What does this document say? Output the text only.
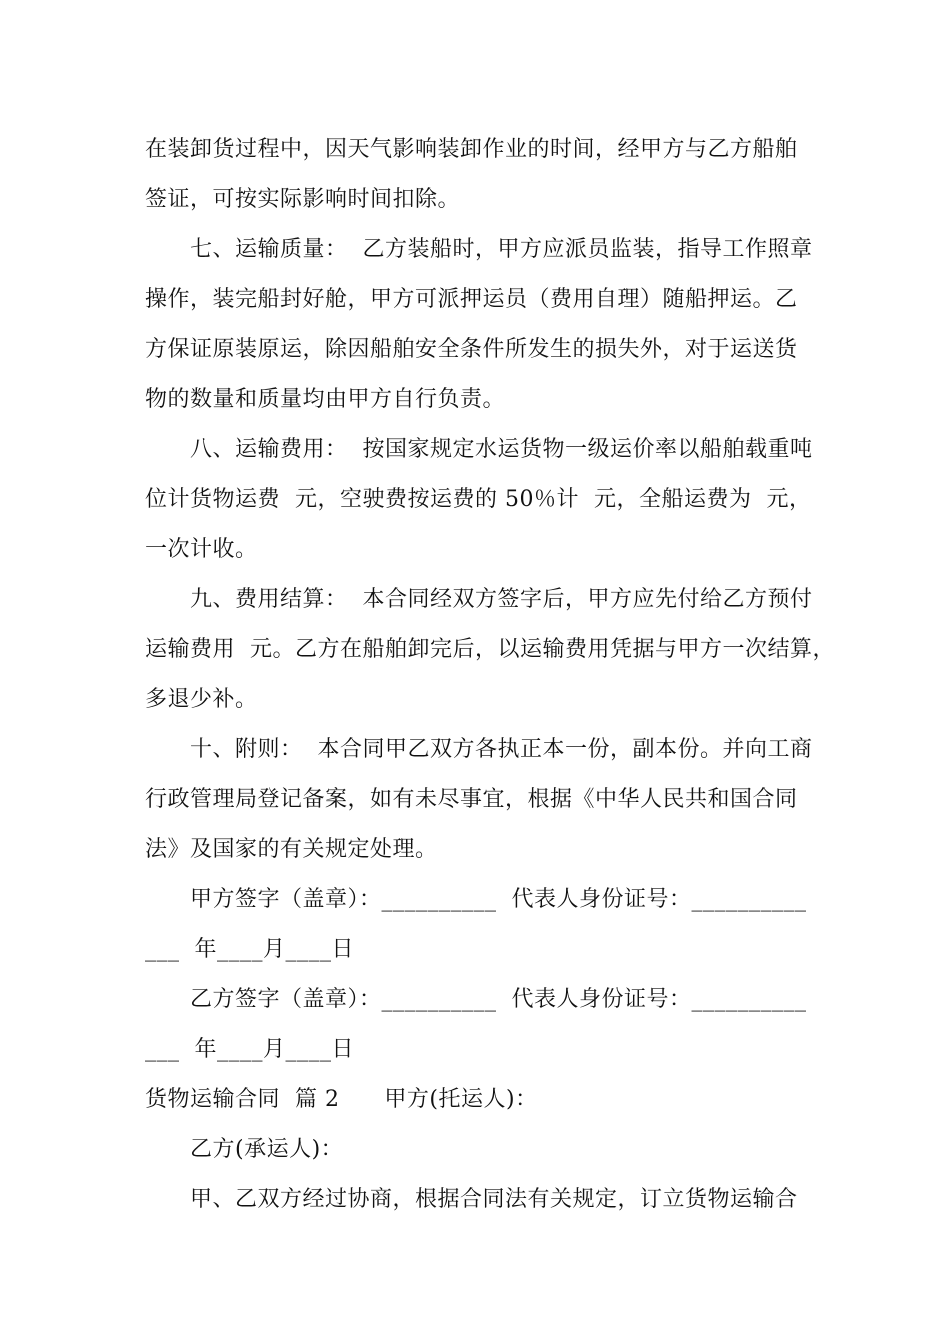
在装卸货过程中，因天气影响装卸作业的时间，经甲方与乙方船舶

签证，可按实际影响时间扣除。

七、运输质量：  乙方装船时，甲方应派员监装，指导工作照章

操作，装完船封好舱，甲方可派押运员（费用自理）随船押运。乙

方保证原装原运，除因船舶安全条件所发生的损失外，对于运送货

物的数量和质量均由甲方自行负责。

八、运输费用：  按国家规定水运货物一级运价率以船舶载重吨

位计货物运费  元，空驶费按运费的 50％计  元，全船运费为  元，

一次计收。

九、费用结算：  本合同经双方签字后，甲方应先付给乙方预付

运输费用  元。乙方在船舶卸完后，以运输费用凭据与甲方一次结算，

多退少补。

十、附则：  本合同甲乙双方各执正本一份，副本份。并向工商

行政管理局登记备案，如有未尽事宜，根据《中华人民共和国合同

法》及国家的有关规定处理。

甲方签字（盖章）：__________  代表人身份证号：__________

___  年____月____日

乙方签字（盖章）：__________  代表人身份证号：__________

___  年____月____日

货物运输合同  篇 2      甲方(托运人)：

乙方(承运人)：

甲、乙双方经过协商，根据合同法有关规定，订立货物运输合
